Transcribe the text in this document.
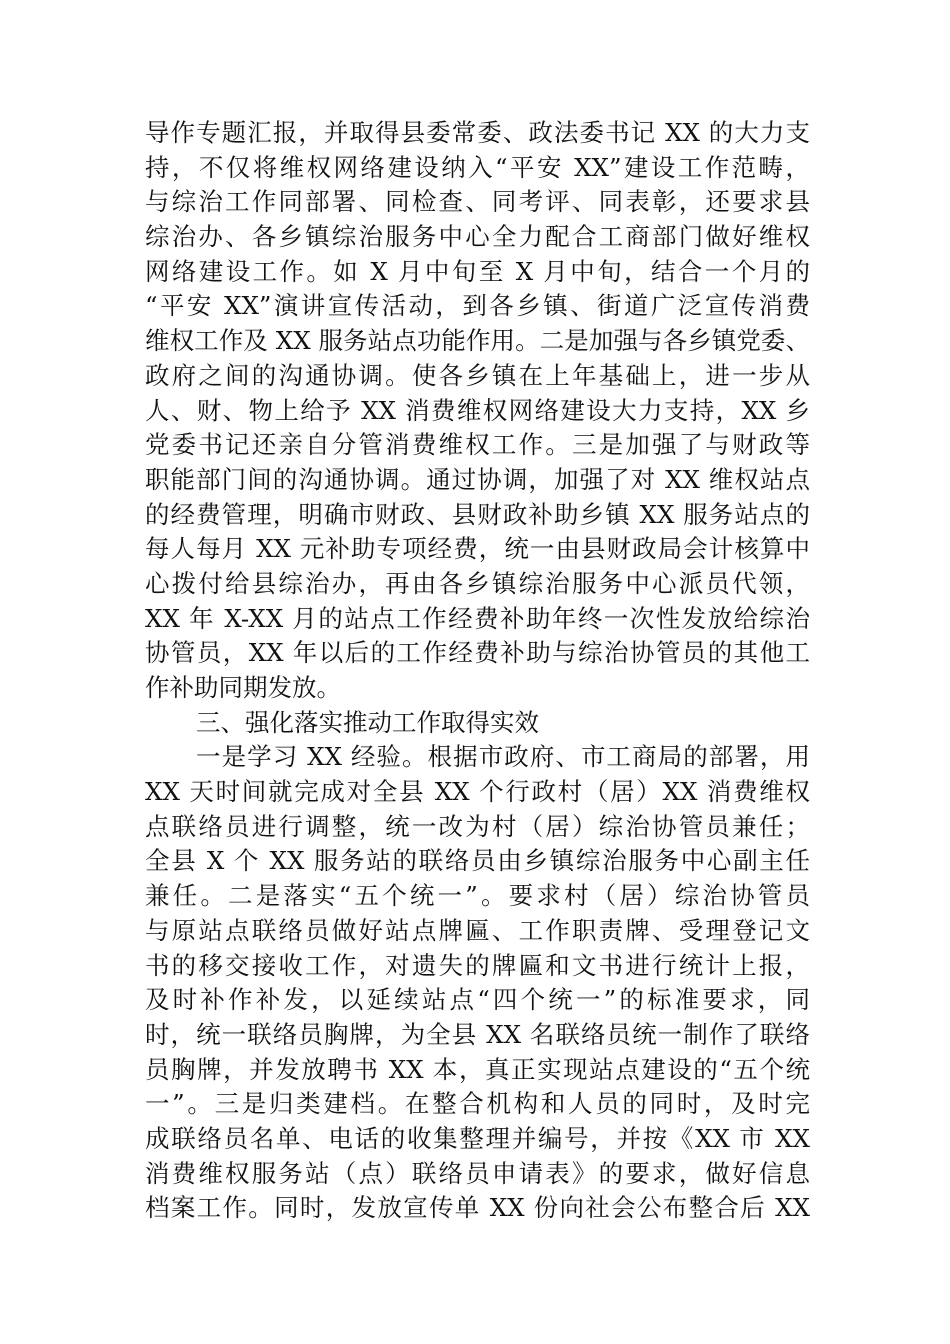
导作专题汇报，并取得县委常委、政法委书记 XX 的大力支
持，不仅将维权网络建设纳入“平安 XX”建设工作范畴，
与综治工作同部署、同检查、同考评、同表彰，还要求县
综治办、各乡镇综治服务中心全力配合工商部门做好维权
网络建设工作。如 X 月中旬至 X 月中旬，结合一个月的
“平安 XX”演讲宣传活动，到各乡镇、街道广泛宣传消费
维权工作及 XX 服务站点功能作用。二是加强与各乡镇党委、
政府之间的沟通协调。使各乡镇在上年基础上，进一步从
人、财、物上给予 XX 消费维权网络建设大力支持，XX 乡
党委书记还亲自分管消费维权工作。三是加强了与财政等
职能部门间的沟通协调。通过协调，加强了对 XX 维权站点
的经费管理，明确市财政、县财政补助乡镇 XX 服务站点的
每人每月 XX 元补助专项经费，统一由县财政局会计核算中
心拨付给县综治办，再由各乡镇综治服务中心派员代领，
XX 年 X-XX 月的站点工作经费补助年终一次性发放给综治
协管员，XX 年以后的工作经费补助与综治协管员的其他工
作补助同期发放。
三、强化落实推动工作取得实效
一是学习 XX 经验。根据市政府、市工商局的部署，用
XX 天时间就完成对全县 XX 个行政村（居）XX 消费维权
点联络员进行调整，统一改为村（居）综治协管员兼任；
全县 X 个 XX 服务站的联络员由乡镇综治服务中心副主任
兼任。二是落实“五个统一”。要求村（居）综治协管员
与原站点联络员做好站点牌匾、工作职责牌、受理登记文
书的移交接收工作，对遗失的牌匾和文书进行统计上报，
及时补作补发，以延续站点“四个统一”的标准要求，同
时，统一联络员胸牌，为全县 XX 名联络员统一制作了联络
员胸牌，并发放聘书 XX 本，真正实现站点建设的“五个统
一”。三是归类建档。在整合机构和人员的同时，及时完
成联络员名单、电话的收集整理并编号，并按《XX 市 XX
消费维权服务站（点）联络员申请表》的要求，做好信息
档案工作。同时，发放宣传单 XX 份向社会公布整合后 XX
